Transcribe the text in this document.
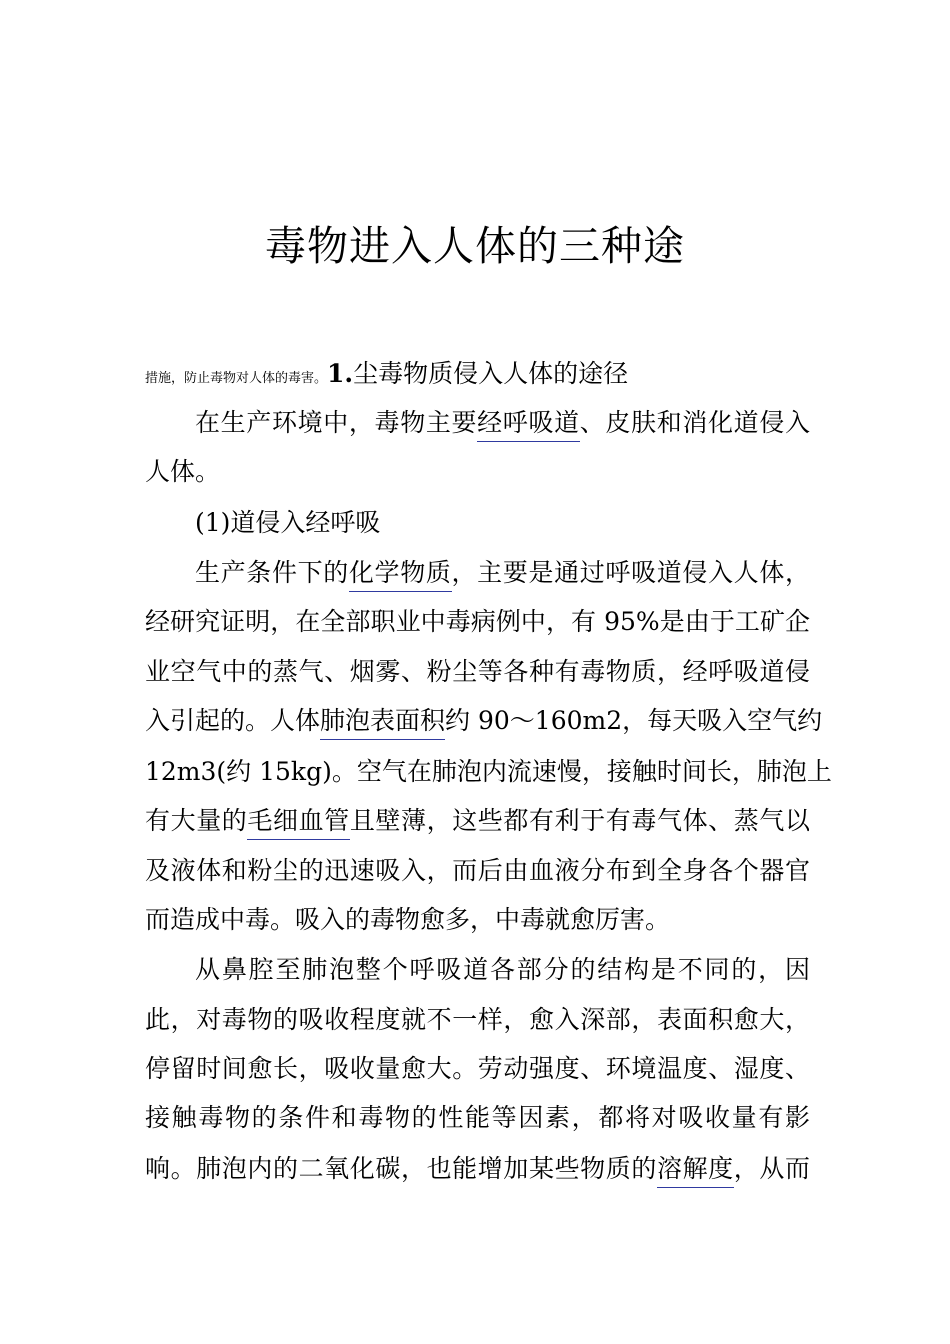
毒物进入人体的三种途
措施，防止毒物对人体的毒害。1.尘毒物质侵入人体的途径
在生产环境中，毒物主要经呼吸道、皮肤和消化道侵入
人体。
(1)道侵入经呼吸
生产条件下的化学物质，主要是通过呼吸道侵入人体，
经研究证明，在全部职业中毒病例中，有 95%是由于工矿企
业空气中的蒸气、烟雾、粉尘等各种有毒物质，经呼吸道侵
入引起的。人体肺泡表面积约 90～160m2，每天吸入空气约
12m3(约 15kg)。空气在肺泡内流速慢，接触时间长，肺泡上
有大量的毛细血管且壁薄，这些都有利于有毒气体、蒸气以
及液体和粉尘的迅速吸入，而后由血液分布到全身各个器官
而造成中毒。吸入的毒物愈多，中毒就愈厉害。
从鼻腔至肺泡整个呼吸道各部分的结构是不同的，因
此，对毒物的吸收程度就不一样，愈入深部，表面积愈大，
停留时间愈长，吸收量愈大。劳动强度、环境温度、湿度、
接触毒物的条件和毒物的性能等因素，都将对吸收量有影
响。肺泡内的二氧化碳，也能增加某些物质的溶解度，从而
